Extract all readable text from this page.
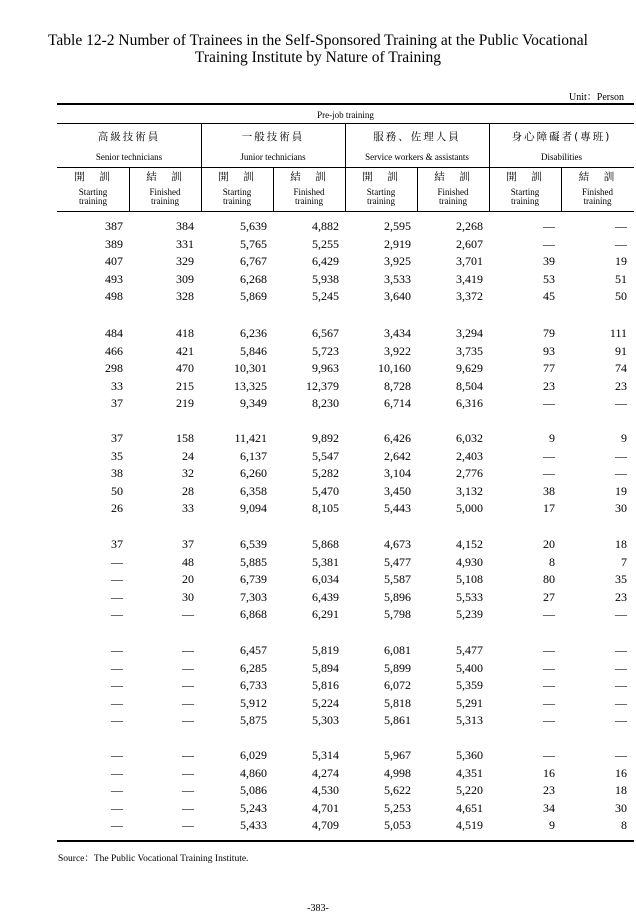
Table 12-2 Number of Trainees in the Self-Sponsored Training at the Public Vocational
Training Institute by Nature of Training
Unit：Person
Pre-job training
高級技術員
Senior technicians
一般技術員
Junior technicians
服務、佐理人員
Service workers & assistants
身心障礙者(專班)
Disabilities
開　訓
Starting
training
結　訓
Finished
training
開　訓
Starting
training
結　訓
Finished
training
開　訓
Starting
training
結　訓
Finished
training
開　訓
Starting
training
結　訓
Finished
training
387	384	5,639	4,882	2,595	2,268	—	—
389	331	5,765	5,255	2,919	2,607	—	—
407	329	6,767	6,429	3,925	3,701	39	19
493	309	6,268	5,938	3,533	3,419	53	51
498	328	5,869	5,245	3,640	3,372	45	50
484	418	6,236	6,567	3,434	3,294	79	111
466	421	5,846	5,723	3,922	3,735	93	91
298	470	10,301	9,963	10,160	9,629	77	74
33	215	13,325	12,379	8,728	8,504	23	23
37	219	9,349	8,230	6,714	6,316	—	—
37	158	11,421	9,892	6,426	6,032	9	9
35	24	6,137	5,547	2,642	2,403	—	—
38	32	6,260	5,282	3,104	2,776	—	—
50	28	6,358	5,470	3,450	3,132	38	19
26	33	9,094	8,105	5,443	5,000	17	30
37	37	6,539	5,868	4,673	4,152	20	18
—	48	5,885	5,381	5,477	4,930	8	7
—	20	6,739	6,034	5,587	5,108	80	35
—	30	7,303	6,439	5,896	5,533	27	23
—	—	6,868	6,291	5,798	5,239	—	—
—	—	6,457	5,819	6,081	5,477	—	—
—	—	6,285	5,894	5,899	5,400	—	—
—	—	6,733	5,816	6,072	5,359	—	—
—	—	5,912	5,224	5,818	5,291	—	—
—	—	5,875	5,303	5,861	5,313	—	—
—	—	6,029	5,314	5,967	5,360	—	—
—	—	4,860	4,274	4,998	4,351	16	16
—	—	5,086	4,530	5,622	5,220	23	18
—	—	5,243	4,701	5,253	4,651	34	30
—	—	5,433	4,709	5,053	4,519	9	8
Source：The Public Vocational Training Institute.
-383-
